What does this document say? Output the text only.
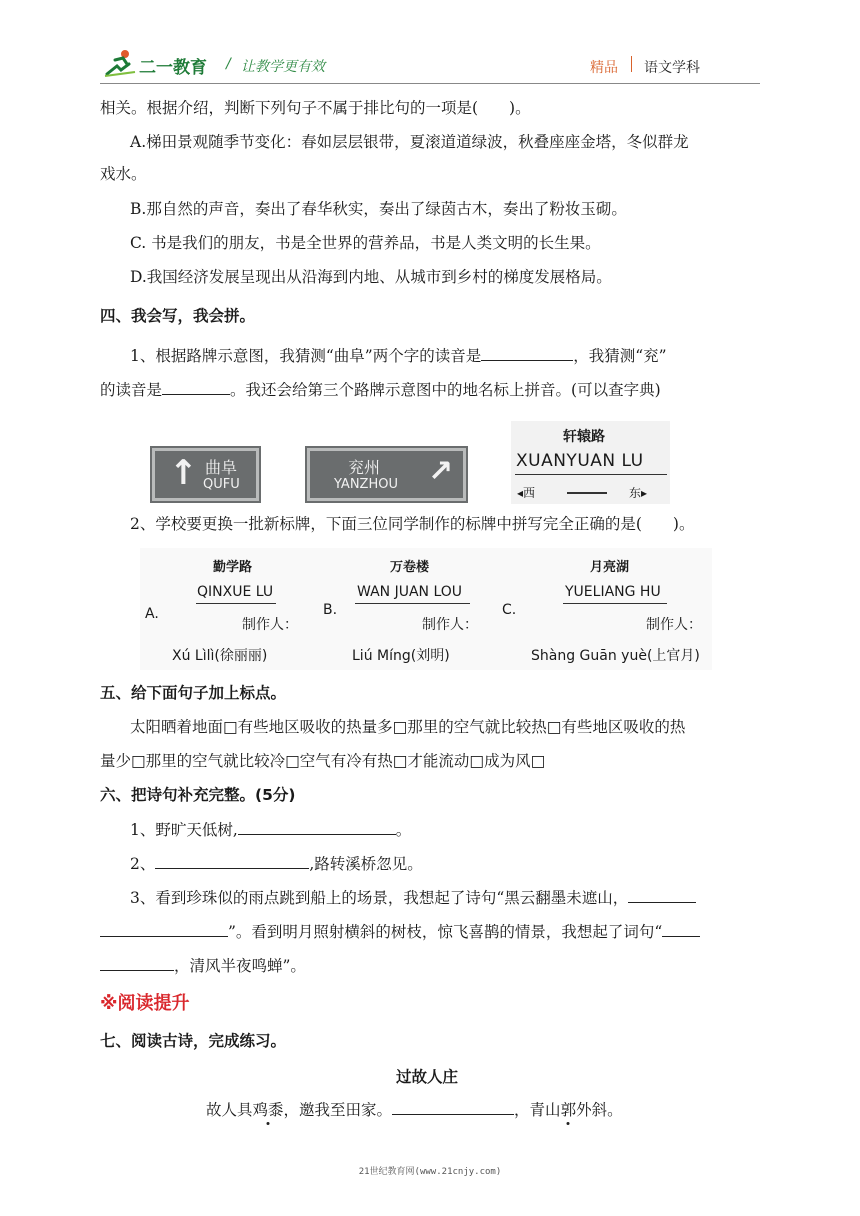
二一教育 / 让教学更有效	精品 语文学科
相关。根据介绍，判断下列句子不属于排比句的一项是(　　)。
A.梯田景观随季节变化：春如层层银带，夏滚道道绿波，秋叠座座金塔，冬似群龙
戏水。
B.那自然的声音，奏出了春华秋实，奏出了绿茵古木，奏出了粉妆玉砌。
C. 书是我们的朋友，书是全世界的营养品，书是人类文明的长生果。
D.我国经济发展呈现出从沿海到内地、从城市到乡村的梯度发展格局。
四、我会写，我会拼。
1、根据路牌示意图，我猜测“曲阜”两个字的读音是	，我猜测“兖”
的读音是	。我还会给第三个路牌示意图中的地名标上拼音。(可以查字典)
↑ 曲阜
QUFU
兖州
YANZHOU ↗
轩辕路
XUANYUAN LU
◂西	东▸
2、学校要更换一批新标牌，下面三位同学制作的标牌中拼写完全正确的是(　　)。
A.
勤学路
QINXUE LU
制作人：
Xú Lìlì(徐丽丽)
B.
万卷楼
WAN JUAN LOU
制作人：
Liú Míng(刘明)
C.
月亮湖
YUELIANG HU
制作人：
Shàng Guān yuè(上官月)
五、给下面句子加上标点。
太阳晒着地面□有些地区吸收的热量多□那里的空气就比较热□有些地区吸收的热
量少□那里的空气就比较冷□空气有冷有热□才能流动□成为风□
六、把诗句补充完整。(5分)
1、野旷天低树,	。
2、	,路转溪桥忽见。
3、看到珍珠似的雨点跳到船上的场景，我想起了诗句“黑云翻墨未遮山，
”。看到明月照射横斜的树枝，惊飞喜鹊的情景，我想起了词句“
，清风半夜鸣蝉”。
※阅读提升
七、阅读古诗，完成练习。
过故人庄
故人具鸡黍，邀我至田家。	，青山郭外斜。
21世纪教育网(www.21cnjy.com)
